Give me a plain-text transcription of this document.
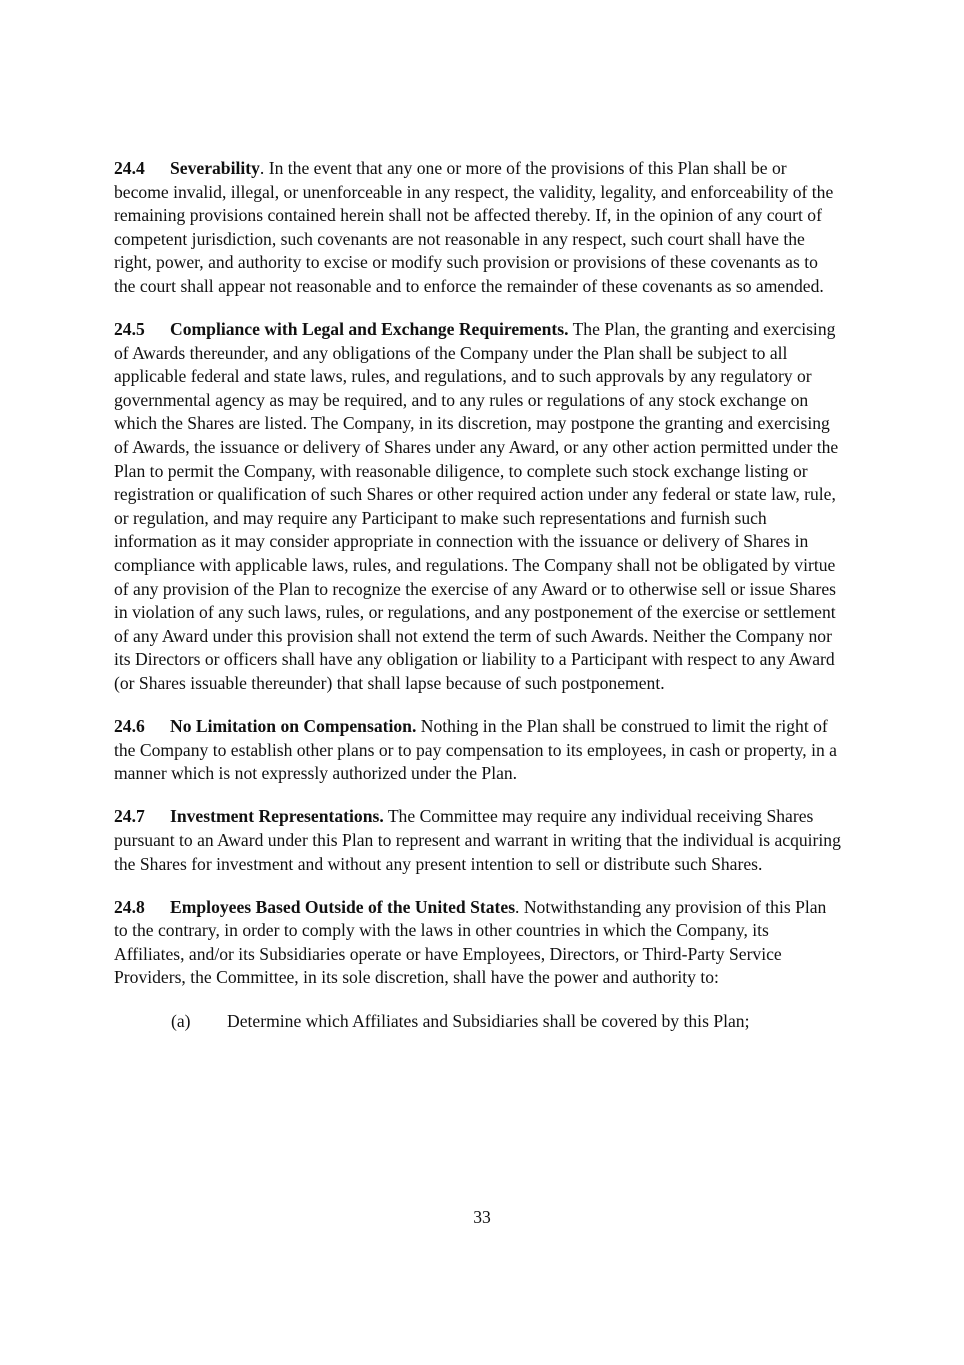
24.4 Severability. In the event that any one or more of the provisions of this Plan shall be or become invalid, illegal, or unenforceable in any respect, the validity, legality, and enforceability of the remaining provisions contained herein shall not be affected thereby. If, in the opinion of any court of competent jurisdiction, such covenants are not reasonable in any respect, such court shall have the right, power, and authority to excise or modify such provision or provisions of these covenants as to the court shall appear not reasonable and to enforce the remainder of these covenants as so amended.

24.5 Compliance with Legal and Exchange Requirements. The Plan, the granting and exercising of Awards thereunder, and any obligations of the Company under the Plan shall be subject to all applicable federal and state laws, rules, and regulations, and to such approvals by any regulatory or governmental agency as may be required, and to any rules or regulations of any stock exchange on which the Shares are listed. The Company, in its discretion, may postpone the granting and exercising of Awards, the issuance or delivery of Shares under any Award, or any other action permitted under the Plan to permit the Company, with reasonable diligence, to complete such stock exchange listing or registration or qualification of such Shares or other required action under any federal or state law, rule, or regulation, and may require any Participant to make such representations and furnish such information as it may consider appropriate in connection with the issuance or delivery of Shares in compliance with applicable laws, rules, and regulations. The Company shall not be obligated by virtue of any provision of the Plan to recognize the exercise of any Award or to otherwise sell or issue Shares in violation of any such laws, rules, or regulations, and any postponement of the exercise or settlement of any Award under this provision shall not extend the term of such Awards. Neither the Company nor its Directors or officers shall have any obligation or liability to a Participant with respect to any Award (or Shares issuable thereunder) that shall lapse because of such postponement.

24.6 No Limitation on Compensation. Nothing in the Plan shall be construed to limit the right of the Company to establish other plans or to pay compensation to its employees, in cash or property, in a manner which is not expressly authorized under the Plan.

24.7 Investment Representations. The Committee may require any individual receiving Shares pursuant to an Award under this Plan to represent and warrant in writing that the individual is acquiring the Shares for investment and without any present intention to sell or distribute such Shares.

24.8 Employees Based Outside of the United States. Notwithstanding any provision of this Plan to the contrary, in order to comply with the laws in other countries in which the Company, its Affiliates, and/or its Subsidiaries operate or have Employees, Directors, or Third-Party Service Providers, the Committee, in its sole discretion, shall have the power and authority to:

(a) Determine which Affiliates and Subsidiaries shall be covered by this Plan;
33
